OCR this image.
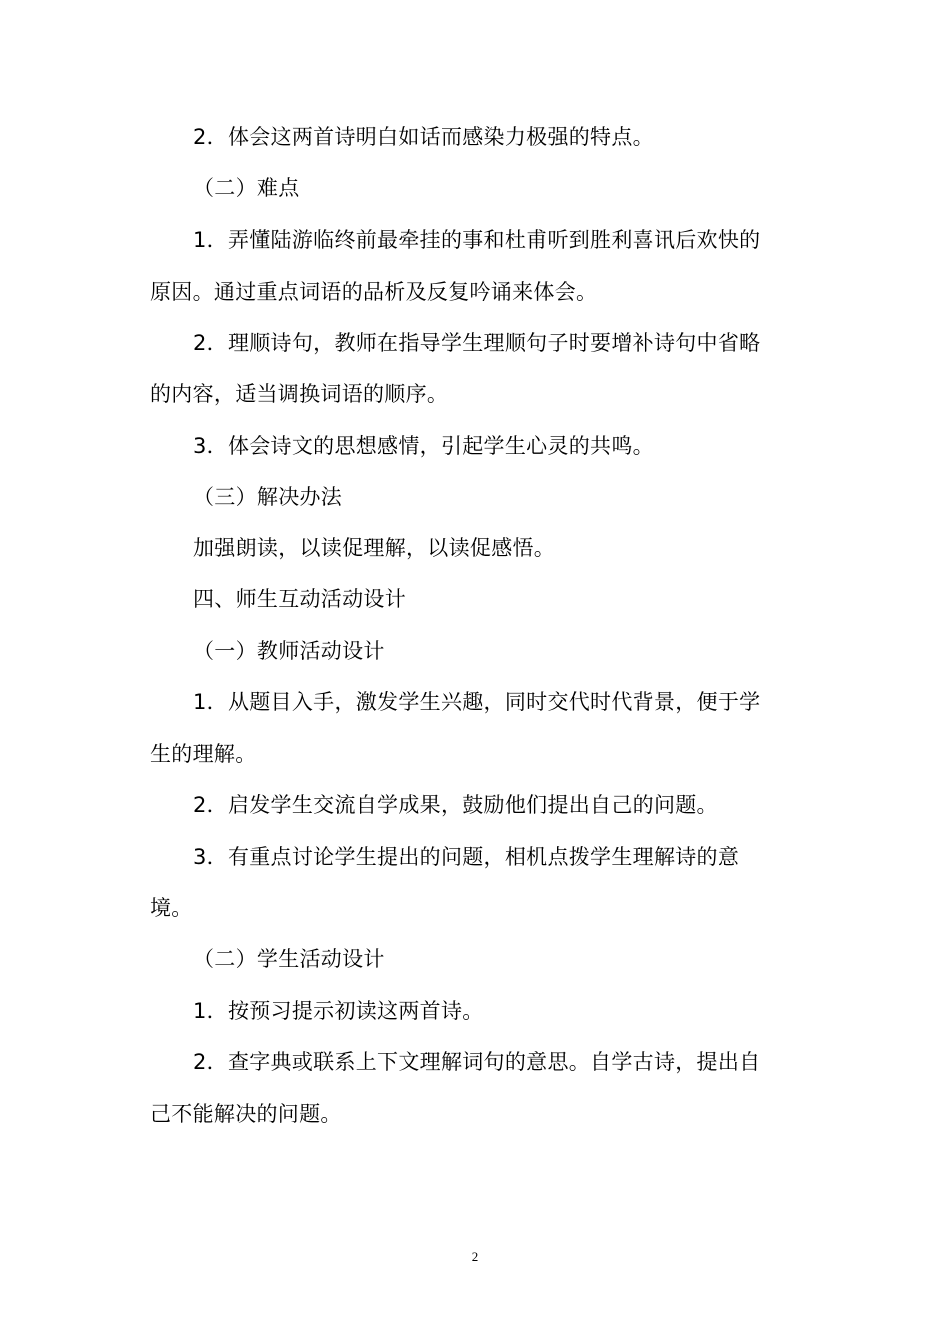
2．体会这两首诗明白如话而感染力极强的特点。
（二）难点
1．弄懂陆游临终前最牵挂的事和杜甫听到胜利喜讯后欢快的
原因。通过重点词语的品析及反复吟诵来体会。
2．理顺诗句，教师在指导学生理顺句子时要增补诗句中省略
的内容，适当调换词语的顺序。
3．体会诗文的思想感情，引起学生心灵的共鸣。
（三）解决办法
加强朗读，以读促理解，以读促感悟。
四、师生互动活动设计
（一）教师活动设计
1．从题目入手，激发学生兴趣，同时交代时代背景，便于学
生的理解。
2．启发学生交流自学成果，鼓励他们提出自己的问题。
3．有重点讨论学生提出的问题，相机点拨学生理解诗的意
境。
（二）学生活动设计
1．按预习提示初读这两首诗。
2．查字典或联系上下文理解词句的意思。自学古诗，提出自
己不能解决的问题。
2
